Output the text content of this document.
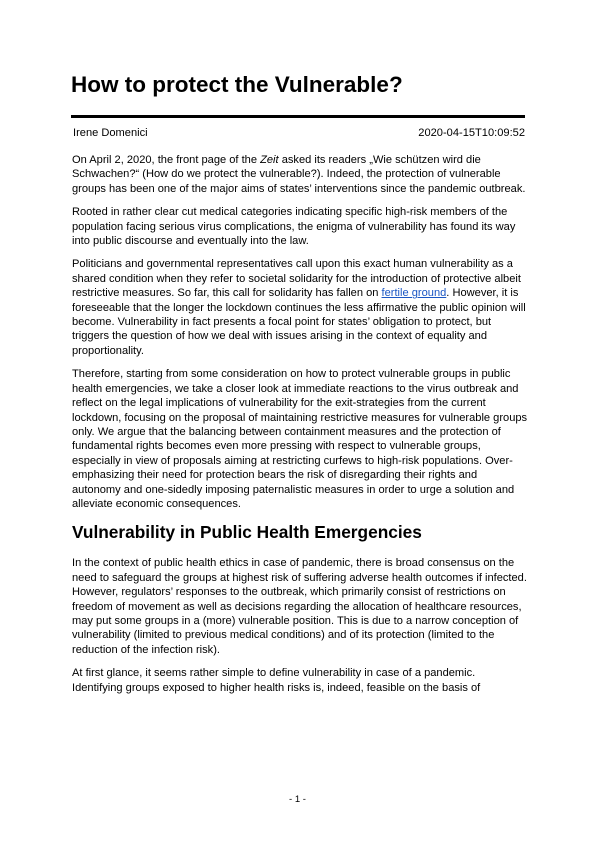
How to protect the Vulnerable?
Irene Domenici	2020-04-15T10:09:52

On April 2, 2020, the front page of the Zeit asked its readers „Wie schützen wird die Schwachen?“ (How do we protect the vulnerable?). Indeed, the protection of vulnerable groups has been one of the major aims of states’ interventions since the pandemic outbreak.

Rooted in rather clear cut medical categories indicating specific high-risk members of the population facing serious virus complications, the enigma of vulnerability has found its way into public discourse and eventually into the law.

Politicians and governmental representatives call upon this exact human vulnerability as a shared condition when they refer to societal solidarity for the introduction of protective albeit restrictive measures. So far, this call for solidarity has fallen on fertile ground. However, it is foreseeable that the longer the lockdown continues the less affirmative the public opinion will become. Vulnerability in fact presents a focal point for states’ obligation to protect, but triggers the question of how we deal with issues arising in the context of equality and proportionality.

Therefore, starting from some consideration on how to protect vulnerable groups in public health emergencies, we take a closer look at immediate reactions to the virus outbreak and reflect on the legal implications of vulnerability for the exit-strategies from the current lockdown, focusing on the proposal of maintaining restrictive measures for vulnerable groups only. We argue that the balancing between containment measures and the protection of fundamental rights becomes even more pressing with respect to vulnerable groups, especially in view of proposals aiming at restricting curfews to high-risk populations. Over-emphasizing their need for protection bears the risk of disregarding their rights and autonomy and one-sidedly imposing paternalistic measures in order to urge a solution and alleviate economic consequences.

Vulnerability in Public Health Emergencies

In the context of public health ethics in case of pandemic, there is broad consensus on the need to safeguard the groups at highest risk of suffering adverse health outcomes if infected. However, regulators’ responses to the outbreak, which primarily consist of restrictions on freedom of movement as well as decisions regarding the allocation of healthcare resources, may put some groups in a (more) vulnerable position. This is due to a narrow conception of vulnerability (limited to previous medical conditions) and of its protection (limited to the reduction of the infection risk).

At first glance, it seems rather simple to define vulnerability in case of a pandemic. Identifying groups exposed to higher health risks is, indeed, feasible on the basis of

- 1 -
